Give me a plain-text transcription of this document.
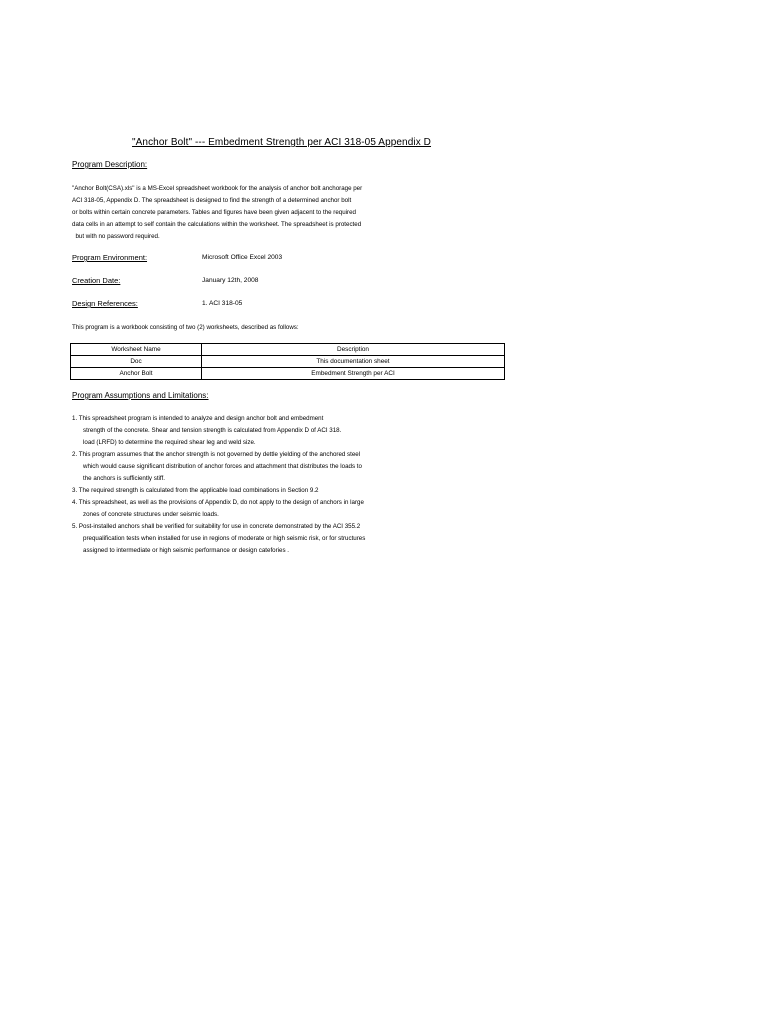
"Anchor Bolt" --- Embedment Strength per ACI 318-05 Appendix D
Program Description:
"Anchor Bolt(CSA).xls" is a MS-Excel spreadsheet workbook for the analysis of anchor bolt anchorage per
ACI 318-05, Appendix D. The spreadsheet is designed to find the strength of a determined anchor bolt
or bolts within certain concrete parameters. Tables and figures have been given adjacent to the required
data cells in an attempt to self contain the calculations within the worksheet. The spreadsheet is protected
but with no password required.
Program Environment:	Microsoft Office Excel 2003
Creation Date:	January 12th, 2008
Design References:	1. ACI 318-05
This program is a workbook consisting of two (2) worksheets, described as follows:
Worksheet Name	Description
Doc	This documentation sheet
Anchor Bolt	Embedment Strength per ACI
Program Assumptions and Limitations:
1. This spreadsheet program is intended to analyze and design anchor bolt and embedment
strength of the concrete. Shear and tension strength is calculated from Appendix D of ACI 318.
load (LRFD) to determine the required shear leg and weld size.
2. This program assumes that the anchor strength is not governed by dettle yielding of the anchored steel
which would cause significant distribution of anchor forces and attachment that distributes the loads to
the anchors is sufficiently stiff.
3. The required strength is calculated from the applicable load combinations in Section 9.2
4. This spreadsheet, as well as the provisions of Appendix D, do not apply to the design of anchors in large
zones of concrete structures under seismic loads.
5. Post-installed anchors shall be verified for suitability for use in concrete demonstrated by the ACI 355.2
prequalification tests when installed for use in regions of moderate or high seismic risk, or for structures
assigned to intermediate or high seismic performance or design catefories .
